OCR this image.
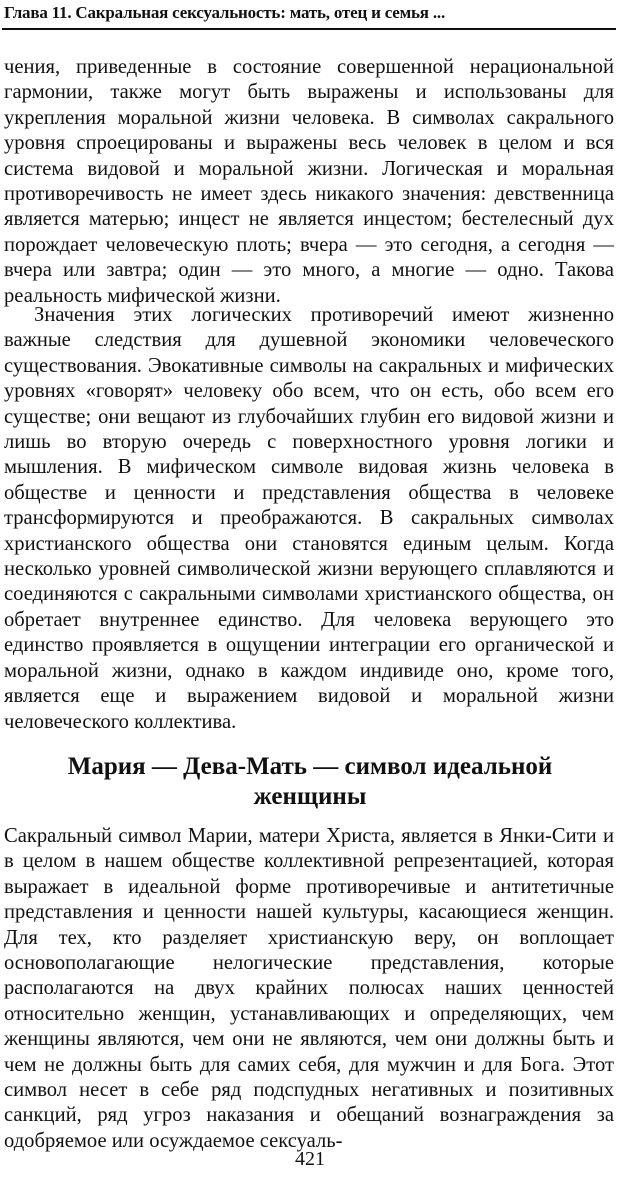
Глава 11. Сакральная сексуальность: мать, отец и семья ...

чения, приведенные в состояние совершенной нерациональной гармонии, также могут быть выражены и использованы для укрепления моральной жизни человека. В символах сакрального уровня спроецированы и выражены весь человек в целом и вся система видовой и моральной жизни. Логическая и моральная противоречивость не имеет здесь никакого значения: девственница является матерью; инцест не является инцестом; бестелесный дух порождает человеческую плоть; вчера — это сегодня, а сегодня — вчера или завтра; один — это много, а многие — одно. Такова реальность мифической жизни.

Значения этих логических противоречий имеют жизненно важные следствия для душевной экономики человеческого существования. Эвокативные символы на сакральных и мифических уровнях «говорят» человеку обо всем, что он есть, обо всем его существе; они вещают из глубочайших глубин его видовой жизни и лишь во вторую очередь с поверхностного уровня логики и мышления. В мифическом символе видовая жизнь человека в обществе и ценности и представления общества в человеке трансформируются и преображаются. В сакральных символах христианского общества они становятся единым целым. Когда несколько уровней символической жизни верующего сплавляются и соединяются с сакральными символами христианского общества, он обретает внутреннее единство. Для человека верующего это единство проявляется в ощущении интеграции его органической и моральной жизни, однако в каждом индивиде оно, кроме того, является еще и выражением видовой и моральной жизни человеческого коллектива.

Мария — Дева-Мать — символ идеальной
женщины

Сакральный символ Марии, матери Христа, является в Янки-Сити и в целом в нашем обществе коллективной репрезентацией, которая выражает в идеальной форме противоречивые и антитетичные представления и ценности нашей культуры, касающиеся женщин. Для тех, кто разделяет христианскую веру, он воплощает основополагающие нелогические представления, которые располагаются на двух крайних полюсах наших ценностей относительно женщин, устанавливающих и определяющих, чем женщины являются, чем они не являются, чем они должны быть и чем не должны быть для самих себя, для мужчин и для Бога. Этот символ несет в себе ряд подспудных негативных и позитивных санкций, ряд угроз наказания и обещаний вознаграждения за одобряемое или осуждаемое сексуаль-

421
